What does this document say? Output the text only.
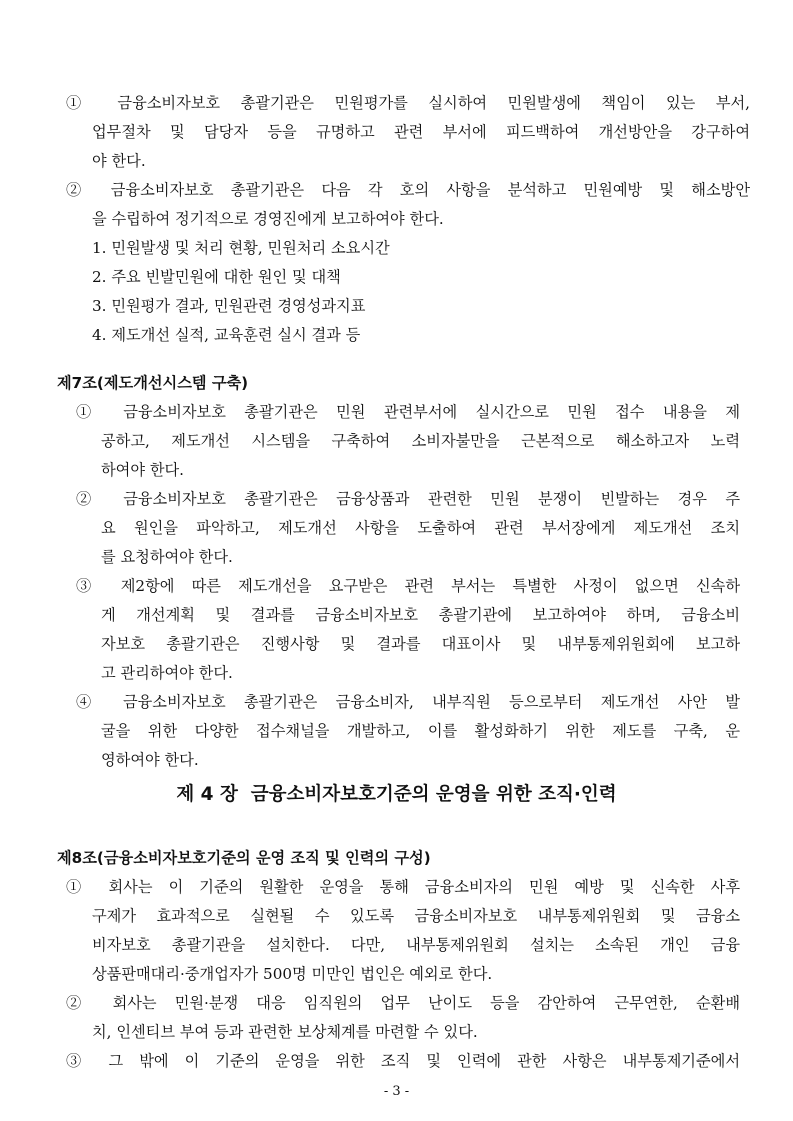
① 금융소비자보호 총괄기관은 민원평가를 실시하여 민원발생에 책임이 있는 부서,
업무절차 및 담당자 등을 규명하고 관련 부서에 피드백하여 개선방안을 강구하여
야 한다.
② 금융소비자보호 총괄기관은 다음 각 호의 사항을 분석하고 민원예방 및 해소방안
을 수립하여 정기적으로 경영진에게 보고하여야 한다.
1. 민원발생 및 처리 현황, 민원처리 소요시간
2. 주요 빈발민원에 대한 원인 및 대책
3. 민원평가 결과, 민원관련 경영성과지표
4. 제도개선 실적, 교육훈련 실시 결과 등
제7조(제도개선시스템 구축)
① 금융소비자보호 총괄기관은 민원 관련부서에 실시간으로 민원 접수 내용을 제
공하고, 제도개선 시스템을 구축하여 소비자불만을 근본적으로 해소하고자 노력
하여야 한다.
② 금융소비자보호 총괄기관은 금융상품과 관련한 민원 분쟁이 빈발하는 경우 주
요 원인을 파악하고, 제도개선 사항을 도출하여 관련 부서장에게 제도개선 조치
를 요청하여야 한다.
③ 제2항에 따른 제도개선을 요구받은 관련 부서는 특별한 사정이 없으면 신속하
게 개선계획 및 결과를 금융소비자보호 총괄기관에 보고하여야 하며, 금융소비
자보호 총괄기관은 진행사항 및 결과를 대표이사 및 내부통제위원회에 보고하
고 관리하여야 한다.
④ 금융소비자보호 총괄기관은 금융소비자, 내부직원 등으로부터 제도개선 사안 발
굴을 위한 다양한 접수채널을 개발하고, 이를 활성화하기 위한 제도를 구축, 운
영하여야 한다.
제 4 장  금융소비자보호기준의 운영을 위한 조직·인력
제8조(금융소비자보호기준의 운영 조직 및 인력의 구성)
① 회사는 이 기준의 원활한 운영을 통해 금융소비자의 민원 예방 및 신속한 사후
구제가 효과적으로 실현될 수 있도록 금융소비자보호 내부통제위원회 및 금융소
비자보호 총괄기관을 설치한다. 다만, 내부통제위원회 설치는 소속된 개인 금융
상품판매대리·중개업자가 500명 미만인 법인은 예외로 한다.
② 회사는 민원·분쟁 대응 임직원의 업무 난이도 등을 감안하여 근무연한, 순환배
치, 인센티브 부여 등과 관련한 보상체계를 마련할 수 있다.
③ 그 밖에 이 기준의 운영을 위한 조직 및 인력에 관한 사항은 내부통제기준에서
- 3 -
